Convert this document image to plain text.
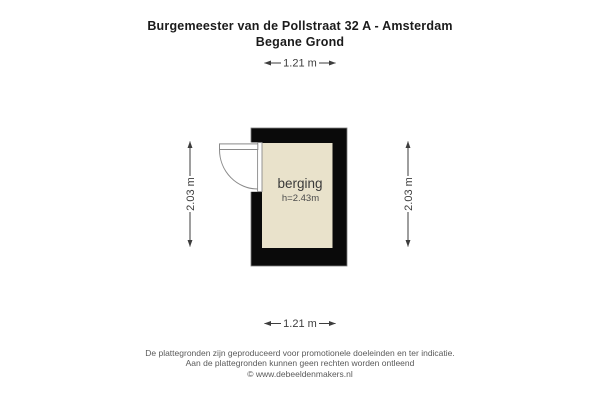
Burgemeester van de Pollstraat 32 A - Amsterdam
Begane Grond
1.21 m
1.21 m
2.03 m	2.03 m
berging
h=2.43m
De plattegronden zijn geproduceerd voor promotionele doeleinden en ter indicatie.
Aan de plattegronden kunnen geen rechten worden ontleend
© www.debeeldenmakers.nl
